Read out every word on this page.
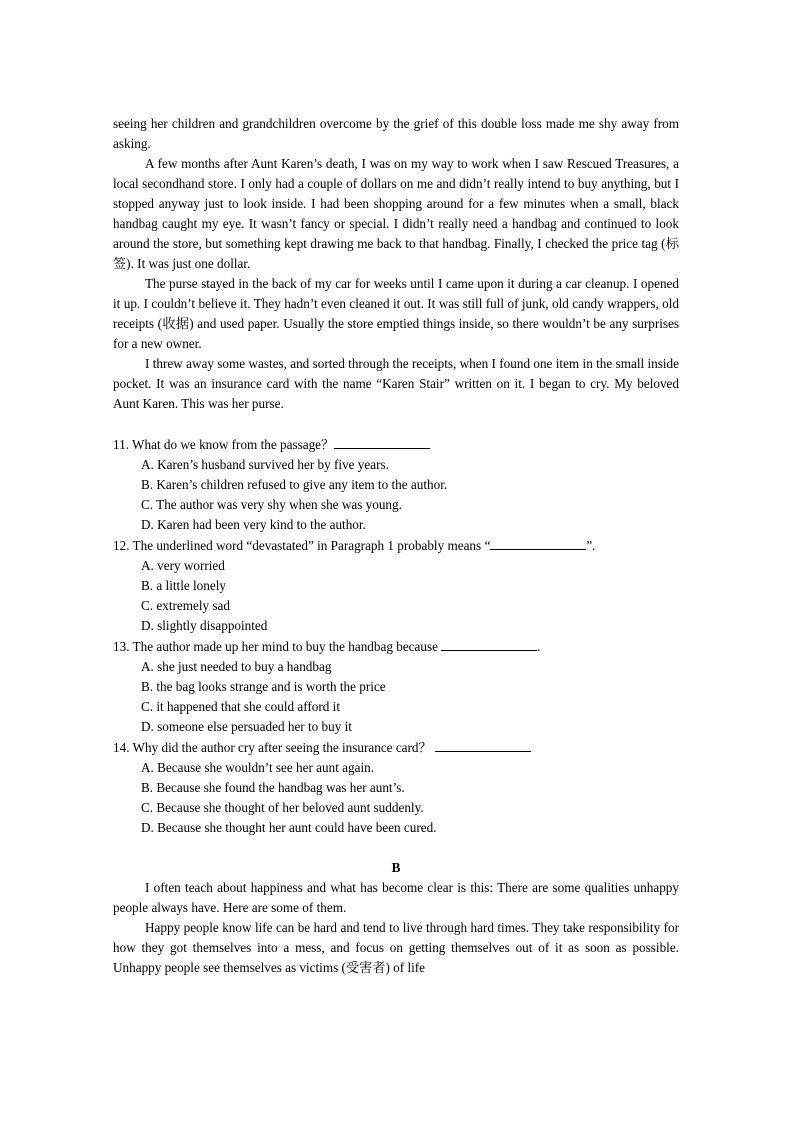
seeing her children and grandchildren overcome by the grief of this double loss made me shy away from asking.

A few months after Aunt Karen’s death, I was on my way to work when I saw Rescued Treasures, a local secondhand store. I only had a couple of dollars on me and didn’t really intend to buy anything, but I stopped anyway just to look inside. I had been shopping around for a few minutes when a small, black handbag caught my eye. It wasn’t fancy or special. I didn’t really need a handbag and continued to look around the store, but something kept drawing me back to that handbag. Finally, I checked the price tag (标签). It was just one dollar.

The purse stayed in the back of my car for weeks until I came upon it during a car cleanup. I opened it up. I couldn’t believe it. They hadn’t even cleaned it out. It was still full of junk, old candy wrappers, old receipts (收据) and used paper. Usually the store emptied things inside, so there wouldn’t be any surprises for a new owner.

I threw away some wastes, and sorted through the receipts, when I found one item in the small inside pocket. It was an insurance card with the name “Karen Stair” written on it. I began to cry. My beloved Aunt Karen. This was her purse.

11. What do we know from the passage？

A. Karen’s husband survived her by five years.

B. Karen’s children refused to give any item to the author.

C. The author was very shy when she was young.

D. Karen had been very kind to the author.

12. The underlined word “devastated” in Paragraph 1 probably means “	”.

A. very worried

B. a little lonely

C. extremely sad

D. slightly disappointed

13. The author made up her mind to buy the handbag because	.

A. she just needed to buy a handbag

B. the bag looks strange and is worth the price

C. it happened that she could afford it

D. someone else persuaded her to buy it

14. Why did the author cry after seeing the insurance card？

A. Because she wouldn’t see her aunt again.

B. Because she found the handbag was her aunt’s.

C. Because she thought of her beloved aunt suddenly.

D. Because she thought her aunt could have been cured.

B

I often teach about happiness and what has become clear is this: There are some qualities unhappy people always have. Here are some of them.

Happy people know life can be hard and tend to live through hard times. They take responsibility for how they got themselves into a mess, and focus on getting themselves out of it as soon as possible. Unhappy people see themselves as victims (受害者) of life
